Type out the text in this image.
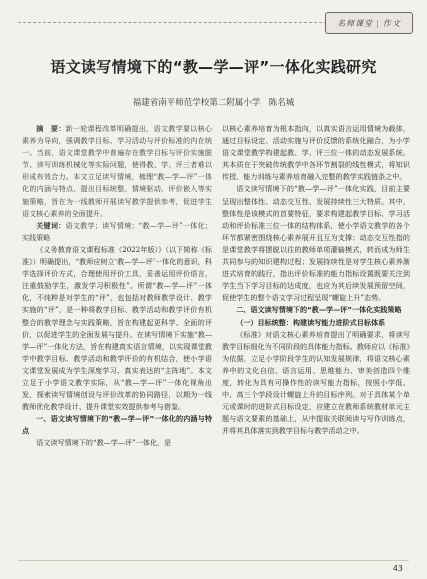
名师课堂 | 作文
语文读写情境下的“教—学—评”一体化实践研究
福建省南平师范学校第二附属小学　陈名城

摘　要：新一轮课程改革明确提出，语文教学要以核心素养为导向，强调教学目标、学习活动与评价标准的内在统一。当前，语文课堂教学中普遍存在教学目标与评价实施脱节、读写训练机械化等实际问题，使得教、学、评三者难以形成有效合力。本文立足读写情境，梳理“教—学—评”一体化的内涵与特点，提出目标统整、情境驱动、评价嵌入等实施策略，旨在为一线教师开展读写教学提供参考，促进学生语文核心素养的全面提升。

关键词：语文教学；读写情境；“教—学—评”一体化；实践策略

《义务教育语文课程标准（2022年版）》（以下简称《标准》）明确提出，“教师应树立‘教—学—评’一体化的意识，科学选择评价方式，合理使用评价工具，妥善运用评价语言，注重鼓励学生，激发学习积极性”。所谓“教—学—评”一体化，不纯粹是对学生的“评”，也包括对教师教学设计、教学实施的“评”，是一种将教学目标、教学活动和教学评价有机整合的教学理念与实践策略，旨在构建起更科学、全面的评价，以促进学生的全面发展与提升。在读写情境下实施“教—学—评”一体化方法，旨在构建真实语言情境，以实现课堂教学中教学目标、教学活动和教学评价的有机结合，使小学语文课堂发展成为学生深度学习、真实表达的“主阵地”。本文立足于小学语文教学实际，从“教—学—评”一体化视角出发，探索读写情境创设与评价改革的协同路径，以期为一线教师优化教学设计、提升课堂实效提供参考与借鉴。

一、语文读写情境下的“教—学—评”一体化的内涵与特点

语文读写情境下的“教—学—评”一体化，是

以核心素养培育为根本指向，以真实语言运用情境为载体，通过目标设定、活动实施与评价反馈的系统化融合，为小学语文课堂教学构建起教、学、评三位一体的动态发展系统。其本质在于突破传统教学中各环节割裂的线性模式，将知识传授、能力训练与素养培育融入完整的教学实践链条之中。

语文读写情境下的“教—学—评”一体化实践，目前主要呈现出整体性、动态交互性、发展持续性三大特质。其中，整体性是该模式的首要特征，要求构建起教学目标、学习活动和评价标准三位一体的结构体系，使小学语文教学的各个环节都紧密围绕核心素养展开且互为支撑；动态交互性指的是课堂教学将摆脱以往的教师单项灌输模式，转而成为师生共同参与的知识建构过程；发展持续性是对学生核心素养渐进式培育的践行，指出评价标准的能力指标设置既要关注到学生当下学习目标的达成度，也应为其后续发展预留空间，促使学生的整个语文学习过程呈现“螺旋上升”态势。

二、语文读写情境下的“教—学—评”一体化实践策略

（一）目标统整：构建读写能力进阶式目标体系

《标准》对语文核心素养培育提出了明确要求，将读写教学目标细化为不同阶段的具体能力指标。教师应以《标准》为依据，立足小学阶段学生的认知发展规律，将语文核心素养中的文化自信、语言运用、思维能力、审美创造四个维度，转化为具有可操作性的读写能力指标，按照小学低、中、高三个学段设计螺旋上升的目标序列。对于具体某个单元或课时的进阶式目标设定，应建立在教师系统教材单元主题与语文要素的基础上，从中提取关联阅读与写作训练点，并将其具体落实到教学目标与教学活动之中。

43
